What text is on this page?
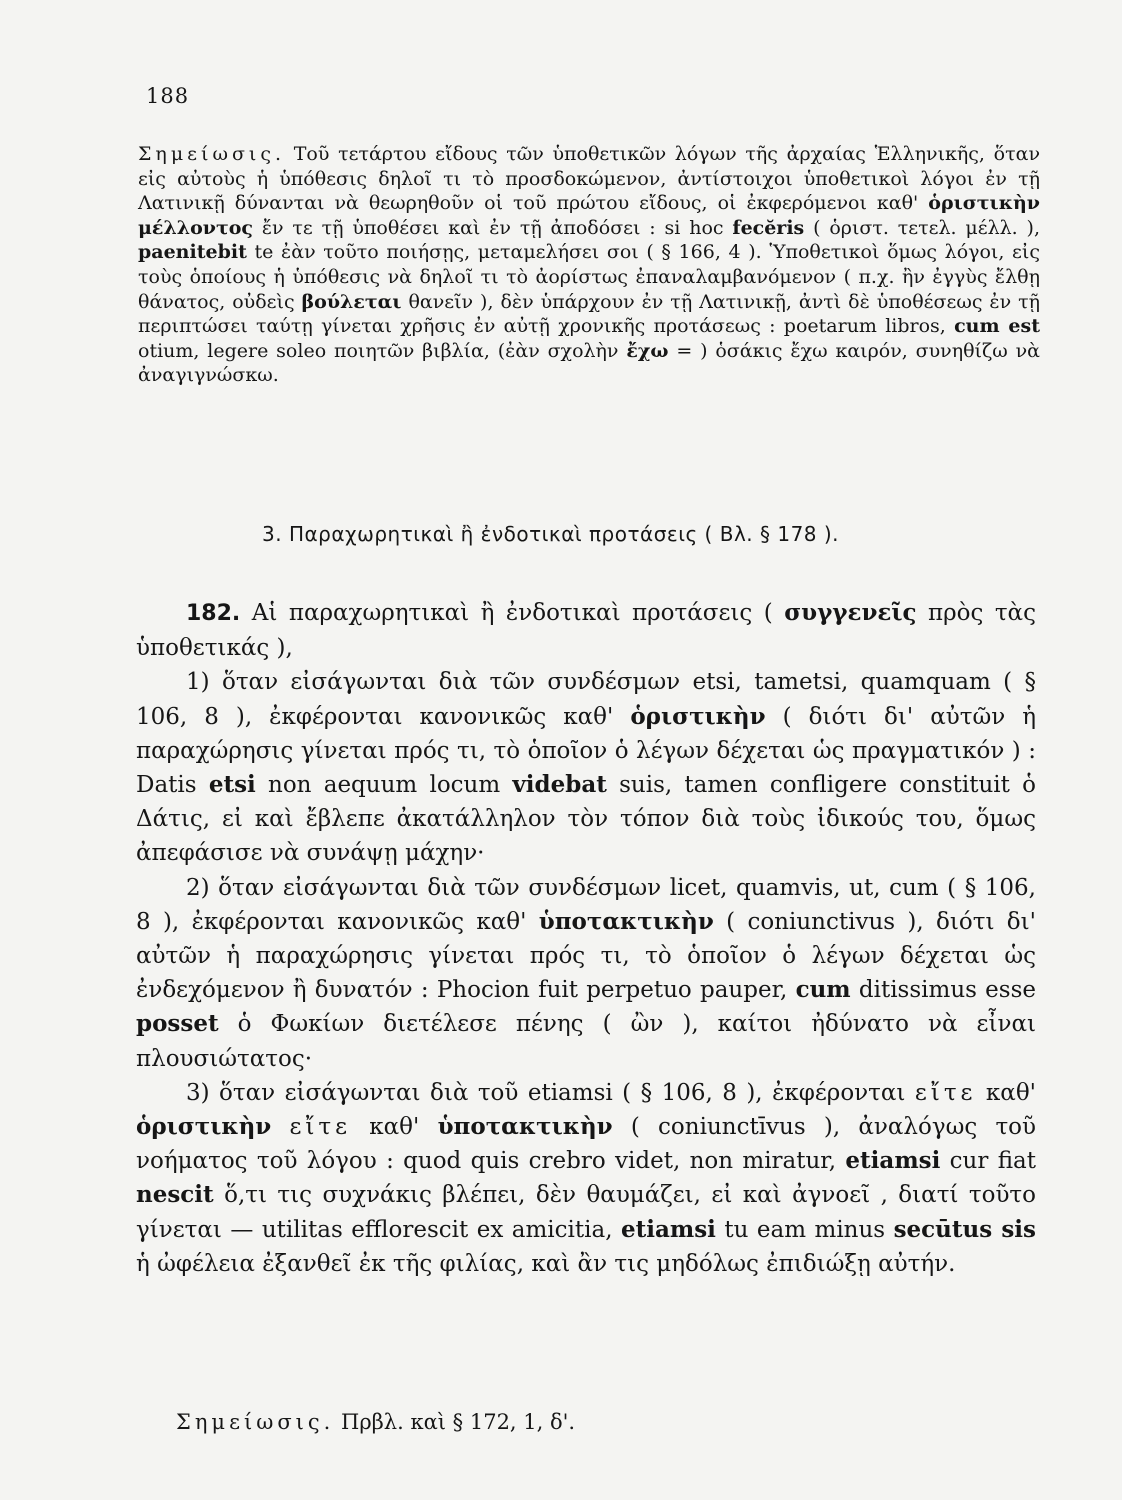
188

Σημείωσις. Τοῦ τετάρτου εἴδους τῶν ὑποθετικῶν λόγων τῆς ἀρχαίας Ἑλληνικῆς, ὅταν εἰς αὐτοὺς ἡ ὑπόθεσις δηλοῖ τι τὸ προσδοκώμενον, ἀντίστοιχοι ὑποθετικοὶ λόγοι ἐν τῇ Λατινικῇ δύνανται νὰ θεωρηθοῦν οἱ τοῦ πρώτου εἴδους, οἱ ἐκφερόμενοι καθ' ὁριστικὴν μέλλοντος ἔν τε τῇ ὑποθέσει καὶ ἐν τῇ ἀποδόσει : si hoc fecĕris ( ὁριστ. τετελ. μέλλ. ), paenitebit te ἐὰν τοῦτο ποιήσῃς, μεταμελήσει σοι ( § 166, 4 ). Ὑποθετικοὶ ὅμως λόγοι, εἰς τοὺς ὁποίους ἡ ὑπόθεσις νὰ δηλοῖ τι τὸ ἀορίστως ἐπαναλαμβανόμενον ( π.χ. ἢν ἐγγὺς ἔλθῃ θάνατος, οὐδεὶς βούλεται θανεῖν ), δὲν ὑπάρχουν ἐν τῇ Λατινικῇ, ἀντὶ δὲ ὑποθέσεως ἐν τῇ περιπτώσει ταύτῃ γίνεται χρῆσις ἐν αὐτῇ χρονικῆς προτάσεως : poetarum libros, cum est otium, legere soleo ποιητῶν βιβλία, (ἐὰν σχολὴν ἔχω = ) ὁσάκις ἔχω καιρόν, συνηθίζω νὰ ἀναγιγνώσκω.

3. Παραχωρητικαὶ ἢ ἐνδοτικαὶ προτάσεις ( Βλ. § 178 ).

182. Αἱ παραχωρητικαὶ ἢ ἐνδοτικαὶ προτάσεις ( συγγενεῖς πρὸς τὰς ὑποθετικάς ),

1) ὅταν εἰσάγωνται διὰ τῶν συνδέσμων etsi, tametsi, quamquam ( § 106, 8 ), ἐκφέρονται κανονικῶς καθ' ὁριστικὴν ( διότι δι' αὐτῶν ἡ παραχώρησις γίνεται πρός τι, τὸ ὁποῖον ὁ λέγων δέχεται ὡς πραγματικόν ) : Datis etsi non aequum locum videbat suis, tamen confligere constituit ὁ Δάτις, εἰ καὶ ἔβλεπε ἀκατάλληλον τὸν τόπον διὰ τοὺς ἰδικούς του, ὅμως ἀπεφάσισε νὰ συνάψῃ μάχην·

2) ὅταν εἰσάγωνται διὰ τῶν συνδέσμων licet, quamvis, ut, cum ( § 106, 8 ), ἐκφέρονται κανονικῶς καθ' ὑποτακτικὴν ( coniunctivus ), διότι δι' αὐτῶν ἡ παραχώρησις γίνεται πρός τι, τὸ ὁποῖον ὁ λέγων δέχεται ὡς ἐνδεχόμενον ἢ δυνατόν : Phocion fuit perpetuo pauper, cum ditissimus esse posset ὁ Φωκίων διετέλεσε πένης ( ὢν ), καίτοι ἠδύνατο νὰ εἶναι πλουσιώτατος·

3) ὅταν εἰσάγωνται διὰ τοῦ etiamsi ( § 106, 8 ), ἐκφέρονται εἴτε καθ' ὁριστικὴν εἴτε καθ' ὑποτακτικὴν ( coniunctīvus ), ἀναλόγως τοῦ νοήματος τοῦ λόγου : quod quis crebro videt, non miratur, etiamsi cur fiat nescit ὅ,τι τις συχνάκις βλέπει, δὲν θαυμάζει, εἰ καὶ ἀγνοεῖ , διατί τοῦτο γίνεται — utilitas efflorescit ex amicitia, etiamsi tu eam minus secūtus sis ἡ ὠφέλεια ἐξανθεῖ ἐκ τῆς φιλίας, καὶ ἂν τις μηδόλως ἐπιδιώξῃ αὐτήν.

Σημείωσις. Πρβλ. καὶ § 172, 1, δ'.
